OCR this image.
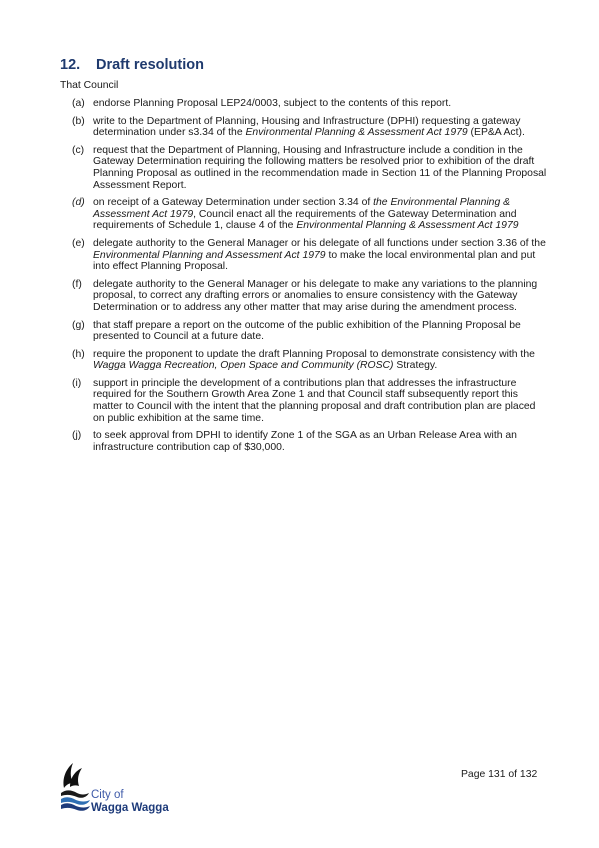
12. Draft resolution
That Council
(a) endorse Planning Proposal LEP24/0003, subject to the contents of this report.
(b) write to the Department of Planning, Housing and Infrastructure (DPHI) requesting a gateway determination under s3.34 of the Environmental Planning & Assessment Act 1979 (EP&A Act).
(c) request that the Department of Planning, Housing and Infrastructure include a condition in the Gateway Determination requiring the following matters be resolved prior to exhibition of the draft Planning Proposal as outlined in the recommendation made in Section 11 of the Planning Proposal Assessment Report.
(d) on receipt of a Gateway Determination under section 3.34 of the Environmental Planning & Assessment Act 1979, Council enact all the requirements of the Gateway Determination and requirements of Schedule 1, clause 4 of the Environmental Planning & Assessment Act 1979
(e) delegate authority to the General Manager or his delegate of all functions under section 3.36 of the Environmental Planning and Assessment Act 1979 to make the local environmental plan and put into effect Planning Proposal.
(f)	delegate authority to the General Manager or his delegate to make any variations to the planning proposal, to correct any drafting errors or anomalies to ensure consistency with the Gateway Determination or to address any other matter that may arise during the amendment process.
(g) that staff prepare a report on the outcome of the public exhibition of the Planning Proposal be presented to Council at a future date.
(h) require the proponent to update the draft Planning Proposal to demonstrate consistency with the Wagga Wagga Recreation, Open Space and Community (ROSC) Strategy.
(i)	support in principle the development of a contributions plan that addresses the infrastructure required for the Southern Growth Area Zone 1 and that Council staff subsequently report this matter to Council with the intent that the planning proposal and draft contribution plan are placed on public exhibition at the same time.
(j)	to seek approval from DPHI to identify Zone 1 of the SGA as an Urban Release Area with an infrastructure contribution cap of $30,000.
City of
Wagga Wagga
Page 131 of 132
